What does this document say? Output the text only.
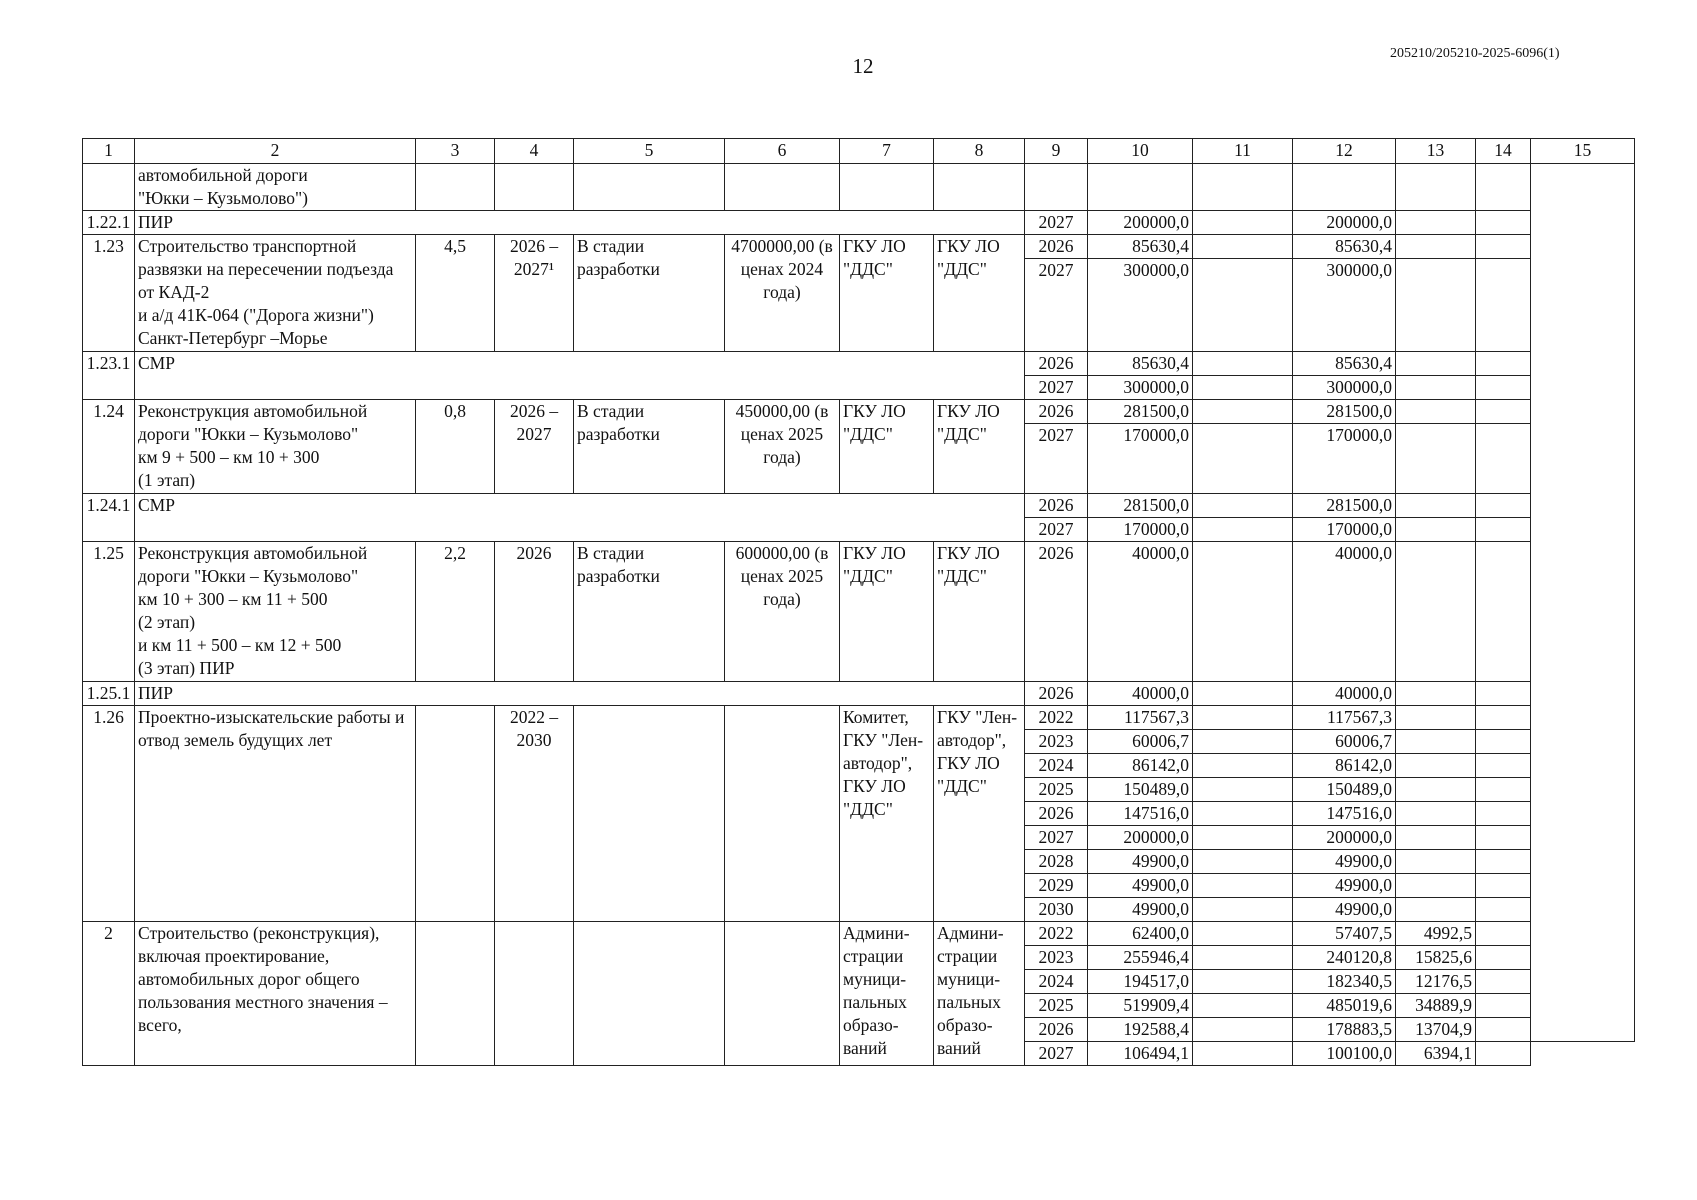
12
205210/205210-2025-6096(1)
1	2	3	4	5	6	7	8	9	10	11	12	13	14	15
	автомобильной дороги
"Юкки – Кузьмолово")													
1.22.1	ПИР							2027	200000,0		200000,0			
1.23	Строительство транспортной развязки на пересечении подъезда от КАД-2
и а/д 41К-064 ("Дорога жизни") Санкт-Петербург –Морье	4,5	2026 –
2027¹	В стадии разработки	4700000,00 (в ценах 2024 года)	ГКУ ЛО "ДДС"	ГКУ ЛО "ДДС"	2026	85630,4		85630,4			
								2027	300000,0		300000,0			
1.23.1	СМР							2026	85630,4		85630,4			
								2027	300000,0		300000,0			
1.24	Реконструкция автомобильной дороги "Юкки – Кузьмолово"
км 9 + 500 – км 10 + 300
(1 этап)	0,8	2026 –
2027	В стадии разработки	450000,00 (в ценах 2025 года)	ГКУ ЛО "ДДС"	ГКУ ЛО "ДДС"	2026	281500,0		281500,0			
								2027	170000,0		170000,0			
1.24.1	СМР							2026	281500,0		281500,0			
								2027	170000,0		170000,0			
1.25	Реконструкция автомобильной дороги "Юкки – Кузьмолово"
км 10 + 300 – км 11 + 500
(2 этап)
и км 11 + 500 – км 12 + 500
(3 этап) ПИР	2,2	2026	В стадии разработки	600000,00 (в ценах 2025 года)	ГКУ ЛО "ДДС"	ГКУ ЛО "ДДС"	2026	40000,0		40000,0			
1.25.1	ПИР							2026	40000,0		40000,0			
1.26	Проектно-изыскательские работы и отвод земель будущих лет		2022 –
2030			Комитет, ГКУ "Лен-автодор", ГКУ ЛО "ДДС"	ГКУ "Лен-автодор", ГКУ ЛО "ДДС"	2022	117567,3		117567,3			
								2023	60006,7		60006,7			
								2024	86142,0		86142,0			
								2025	150489,0		150489,0			
								2026	147516,0		147516,0			
								2027	200000,0		200000,0			
								2028	49900,0		49900,0			
								2029	49900,0		49900,0			
								2030	49900,0		49900,0			
2	Строительство (реконструкция), включая проектирование, автомобильных дорог общего пользования местного значения – всего,					Админи-страции муници-пальных образо-ваний	Админи-страции муници-пальных образо-ваний	2022	62400,0		57407,5	4992,5		
								2023	255946,4		240120,8	15825,6		
								2024	194517,0		182340,5	12176,5		
								2025	519909,4		485019,6	34889,9		
								2026	192588,4		178883,5	13704,9		
								2027	106494,1		100100,0	6394,1		
